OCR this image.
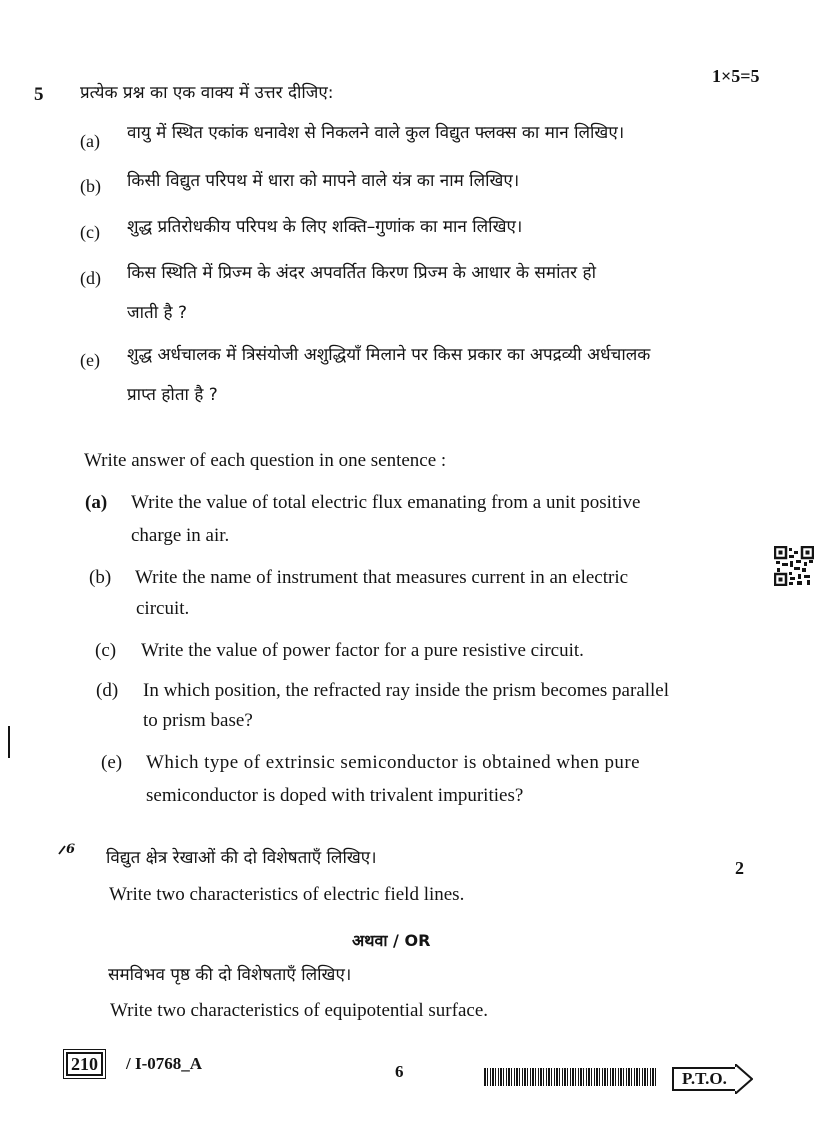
5 प्रत्येक प्रश्न का एक वाक्य में उत्तर दीजिए:
1×5=5
(a) वायु में स्थित एकांक धनावेश से निकलने वाले कुल विद्युत फ्लक्स का मान लिखिए।
(b) किसी विद्युत परिपथ में धारा को मापने वाले यंत्र का नाम लिखिए।
(c) शुद्ध प्रतिरोधकीय परिपथ के लिए शक्ति–गुणांक का मान लिखिए।
(d) किस स्थिति में प्रिज्म के अंदर अपवर्तित किरण प्रिज्म के आधार के समांतर हो
जाती है ?
(e) शुद्ध अर्धचालक में त्रिसंयोजी अशुद्धियाँ मिलाने पर किस प्रकार का अपद्रव्यी अर्धचालक
प्राप्त होता है ?
Write answer of each question in one sentence :
(a) Write the value of total electric flux emanating from a unit positive
charge in air.
(b) Write the name of instrument that measures current in an electric
circuit.
(c) Write the value of power factor for a pure resistive circuit.
(d) In which position, the refracted ray inside the prism becomes parallel
to prism base?
(e) Which type of extrinsic semiconductor is obtained when pure
semiconductor is doped with trivalent impurities?
6 विद्युत क्षेत्र रेखाओं की दो विशेषताएँ लिखिए।	2
Write two characteristics of electric field lines.
अथवा / OR
समविभव पृष्ठ की दो विशेषताएँ लिखिए।
Write two characteristics of equipotential surface.
210 / I-0768_A	6	P.T.O.
